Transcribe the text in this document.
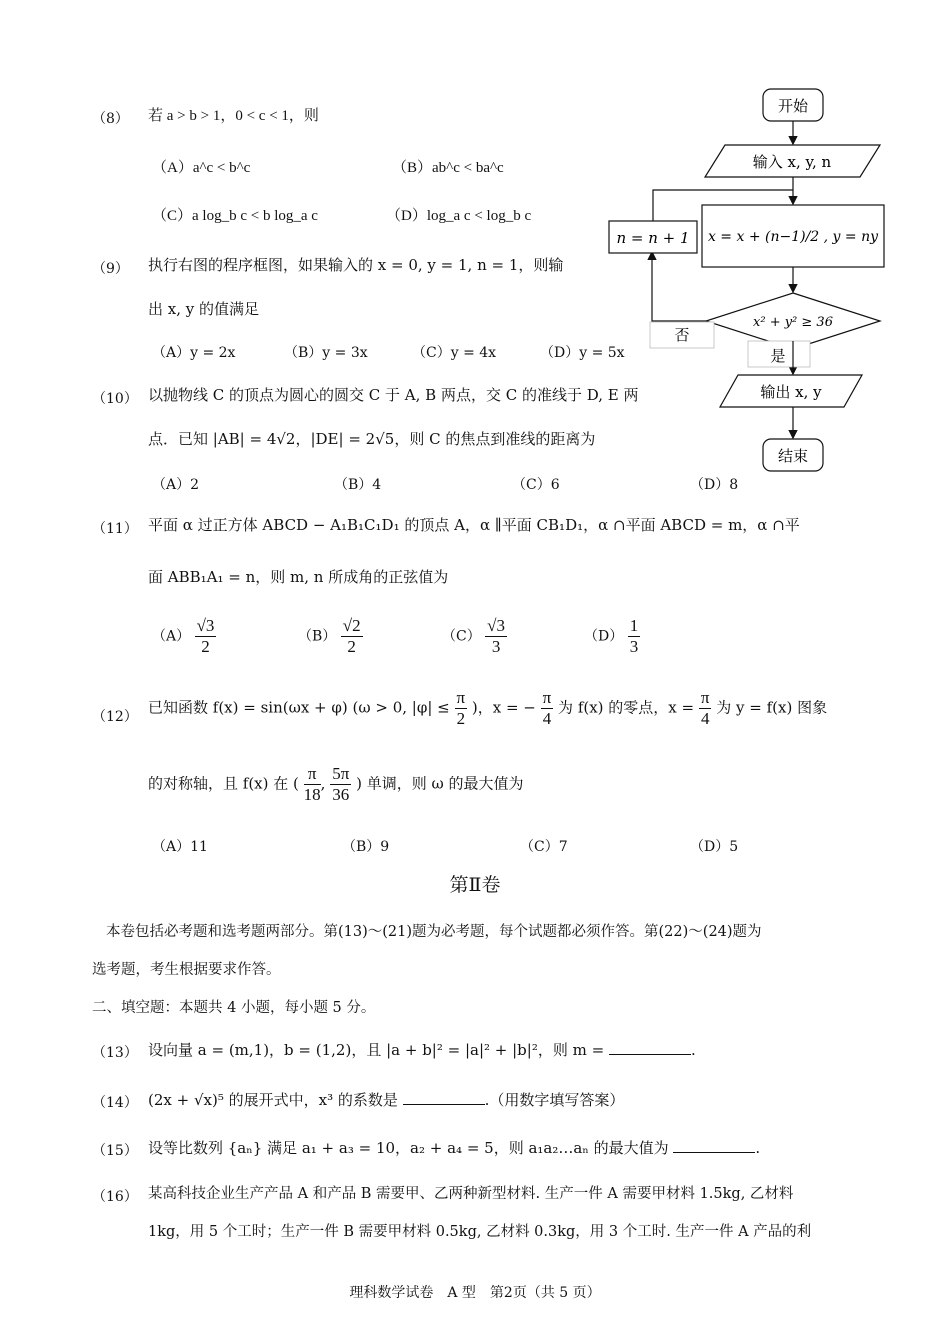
（8） 若 a > b > 1，0 < c < 1，则
（A）a^c < b^c	（B）ab^c < ba^c
（C）a log_b c < b log_a c	（D）log_a c < log_b c
（9） 执行右图的程序框图，如果输入的 x = 0, y = 1, n = 1，则输
出 x, y 的值满足
（A）y = 2x	（B）y = 3x	（C）y = 4x	（D）y = 5x
开始
输入 x, y, n
x = x + (n−1)/2 , y = ny
x² + y² ≥ 36
否
n = n + 1
是
输出 x, y
结束
（10） 以抛物线 C 的顶点为圆心的圆交 C 于 A, B 两点，交 C 的准线于 D, E 两
点．已知 |AB| = 4√2，|DE| = 2√5，则 C 的焦点到准线的距离为
（A）2	（B）4	（C）6	（D）8
（11） 平面 α 过正方体 ABCD − A₁B₁C₁D₁ 的顶点 A，α ∥平面 CB₁D₁，α ∩平面 ABCD = m，α ∩平
面 ABB₁A₁ = n，则 m, n 所成角的正弦值为
$(A) \frac{√3}{2}$	$(B) \frac{√2}{2}$	$(C) \frac{√3}{3}$	$(D) \frac{1}{3}$
（12）
已知函数 f(x) = sin(ωx + φ) (ω > 0, $|\varphi| \le \frac{\pi}{2}$ )，x = − $\frac{\pi}{4}$ 为 f(x) 的零点，$x = \frac{\pi}{4}$ 为 y = f(x) 图象
的对称轴，且 f(x) 在 ( $\frac{\pi}{18}$ , $\frac{5\pi}{36}$ ) 单调，则 ω 的最大值为
（A）11	（B）9	（C）7	（D）5
第Ⅱ卷
本卷包括必考题和选考题两部分。第(13)～(21)题为必考题，每个试题都必须作答。第(22)～(24)题为
选考题，考生根据要求作答。
二、填空题：本题共 4 小题，每小题 5 分。
（13） 设向量 a = (m,1)，b = (1,2)，且 |a + b|² = |a|² + |b|²，则 m =	.
（14） (2x + √x)⁵ 的展开式中，x³ 的系数是	.（用数字填写答案）
（15） 设等比数列 {aₙ} 满足 a₁ + a₃ = 10，a₂ + a₄ = 5，则 a₁a₂…aₙ 的最大值为	.
（16） 某高科技企业生产产品 A 和产品 B 需要甲、乙两种新型材料. 生产一件 A 需要甲材料 1.5kg, 乙材料
1kg，用 5 个工时；生产一件 B 需要甲材料 0.5kg, 乙材料 0.3kg，用 3 个工时. 生产一件 A 产品的利
理科数学试卷　A 型　第2页（共 5 页）
